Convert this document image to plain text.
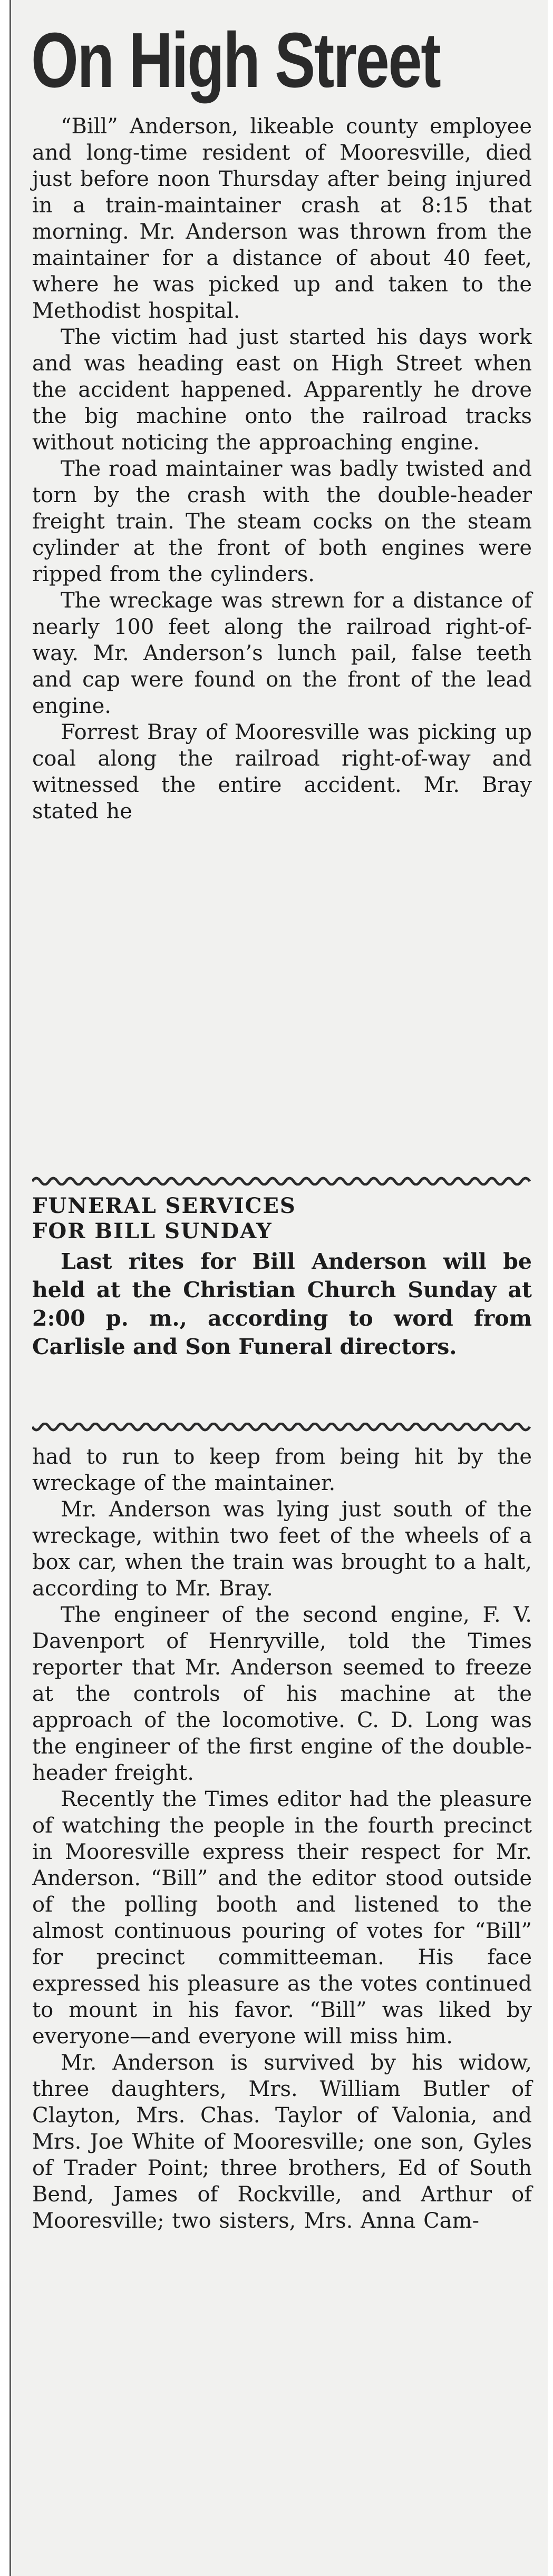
On High Street

“Bill” Anderson, likeable county employee and long-time resident of Mooresville, died just before noon Thursday after being injured in a train-maintainer crash at 8:15 that morning. Mr. Anderson was thrown from the maintainer for a distance of about 40 feet, where he was picked up and taken to the Methodist hospital.

The victim had just started his days work and was heading east on High Street when the accident happened. Apparently he drove the big machine onto the railroad tracks without noticing the approaching engine.

The road maintainer was badly twisted and torn by the crash with the double-header freight train. The steam cocks on the steam cylinder at the front of both engines were ripped from the cylinders.

The wreckage was strewn for a distance of nearly 100 feet along the railroad right-of-way. Mr. Anderson’s lunch pail, false teeth and cap were found on the front of the lead engine.

Forrest Bray of Mooresville was picking up coal along the railroad right-of-way and witnessed the entire accident. Mr. Bray stated he

FUNERAL SERVICES

FOR BILL SUNDAY

Last rites for Bill Anderson will be held at the Christian Church Sunday at 2:00 p. m., according to word from Carlisle and Son Funeral directors.

had to run to keep from being hit by the wreckage of the maintainer.

Mr. Anderson was lying just south of the wreckage, within two feet of the wheels of a box car, when the train was brought to a halt, according to Mr. Bray.

The engineer of the second engine, F. V. Davenport of Henryville, told the Times reporter that Mr. Anderson seemed to freeze at the controls of his machine at the approach of the locomotive. C. D. Long was the engineer of the first engine of the double-header freight.

Recently the Times editor had the pleasure of watching the people in the fourth precinct in Mooresville express their respect for Mr. Anderson. “Bill” and the editor stood outside of the polling booth and listened to the almost continuous pouring of votes for “Bill” for precinct committeeman. His face expressed his pleasure as the votes continued to mount in his favor. “Bill” was liked by everyone—and everyone will miss him.

Mr. Anderson is survived by his widow, three daughters, Mrs. William Butler of Clayton, Mrs. Chas. Taylor of Valonia, and Mrs. Joe White of Mooresville; one son, Gyles of Trader Point; three brothers, Ed of South Bend, James of Rockville, and Arthur of Mooresville; two sisters, Mrs. Anna Cam-
